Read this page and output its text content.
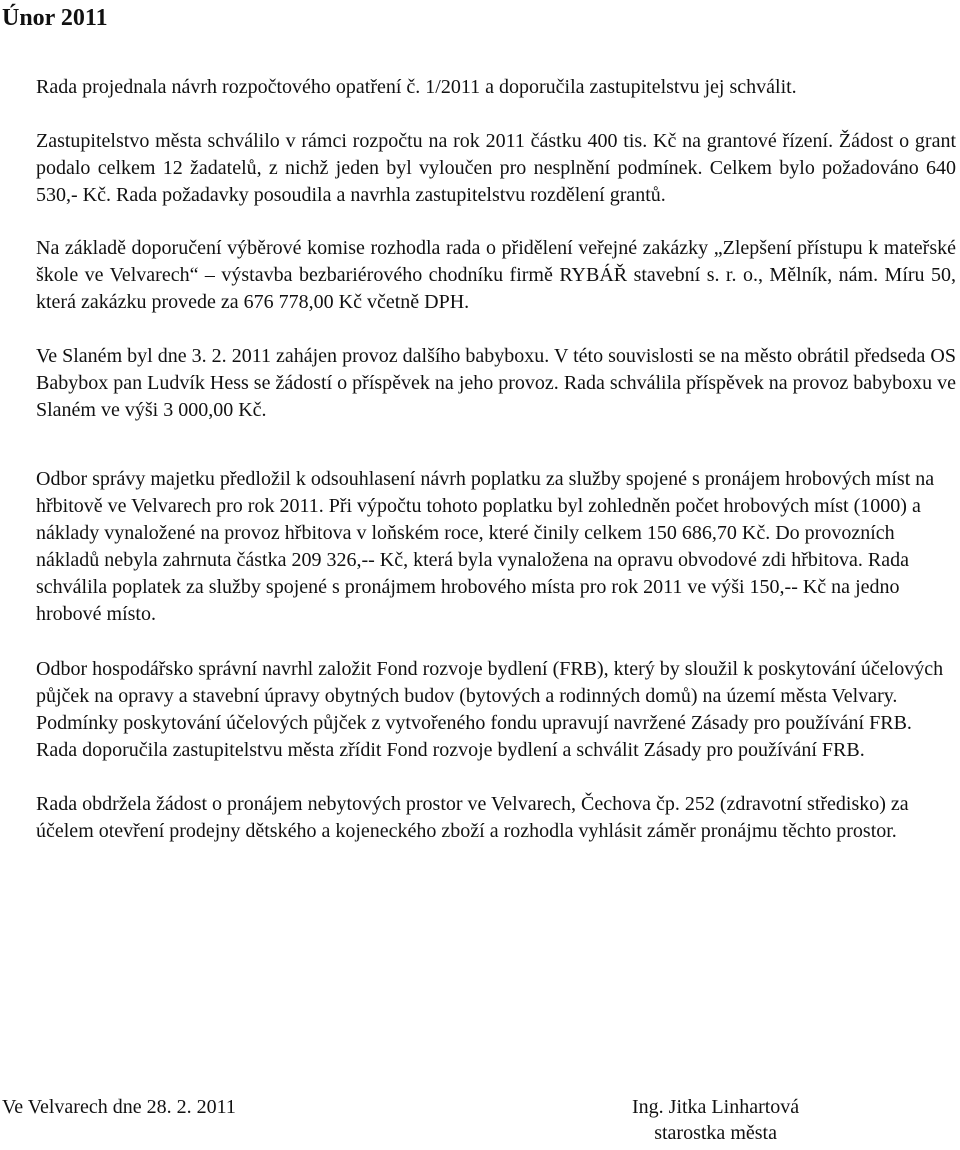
Únor 2011

Rada projednala návrh rozpočtového opatření č. 1/2011 a doporučila zastupitelstvu jej schválit.

Zastupitelstvo města schválilo v rámci rozpočtu na rok 2011 částku 400 tis. Kč na grantové řízení. Žádost o grant podalo celkem 12 žadatelů, z nichž jeden byl vyloučen pro nesplnění podmínek. Celkem bylo požadováno 640 530,- Kč. Rada požadavky posoudila a navrhla zastupitelstvu rozdělení grantů.

Na základě doporučení výběrové komise rozhodla rada o přidělení veřejné zakázky „Zlepšení přístupu k mateřské škole ve Velvarech“ – výstavba bezbariérového chodníku firmě RYBÁŘ stavební s. r. o., Mělník, nám. Míru 50, která zakázku provede za 676 778,00 Kč včetně DPH.

Ve Slaném byl dne 3. 2. 2011 zahájen provoz dalšího babyboxu. V této souvislosti se na město obrátil předseda OS Babybox pan Ludvík Hess se žádostí o příspěvek na jeho provoz. Rada schválila příspěvek na provoz babyboxu ve Slaném ve výši 3 000,00 Kč.

Odbor správy majetku předložil k odsouhlasení návrh poplatku za služby spojené s pronájem hrobových míst na hřbitově ve Velvarech pro rok 2011. Při výpočtu tohoto poplatku byl zohledněn počet hrobových míst (1000) a náklady vynaložené na provoz hřbitova v loňském roce, které činily celkem 150 686,70 Kč. Do provozních nákladů nebyla zahrnuta částka 209 326,-- Kč, která byla vynaložena na opravu obvodové zdi hřbitova. Rada schválila poplatek za služby spojené s pronájmem hrobového místa pro rok 2011 ve výši 150,-- Kč na jedno hrobové místo.

Odbor hospodářsko správní navrhl založit Fond rozvoje bydlení (FRB), který by sloužil k poskytování účelových půjček na opravy a stavební úpravy obytných budov (bytových a rodinných domů) na území města Velvary. Podmínky poskytování účelových půjček z vytvořeného fondu upravují navržené Zásady pro používání FRB. Rada doporučila zastupitelstvu města zřídit Fond rozvoje bydlení a schválit Zásady pro používání FRB.

Rada obdržela žádost o pronájem nebytových prostor ve Velvarech, Čechova čp. 252 (zdravotní středisko) za účelem otevření prodejny dětského a kojeneckého zboží a rozhodla vyhlásit záměr pronájmu těchto prostor.

Ve Velvarech dne 28. 2. 2011	Ing. Jitka Linhartová
starostka města
